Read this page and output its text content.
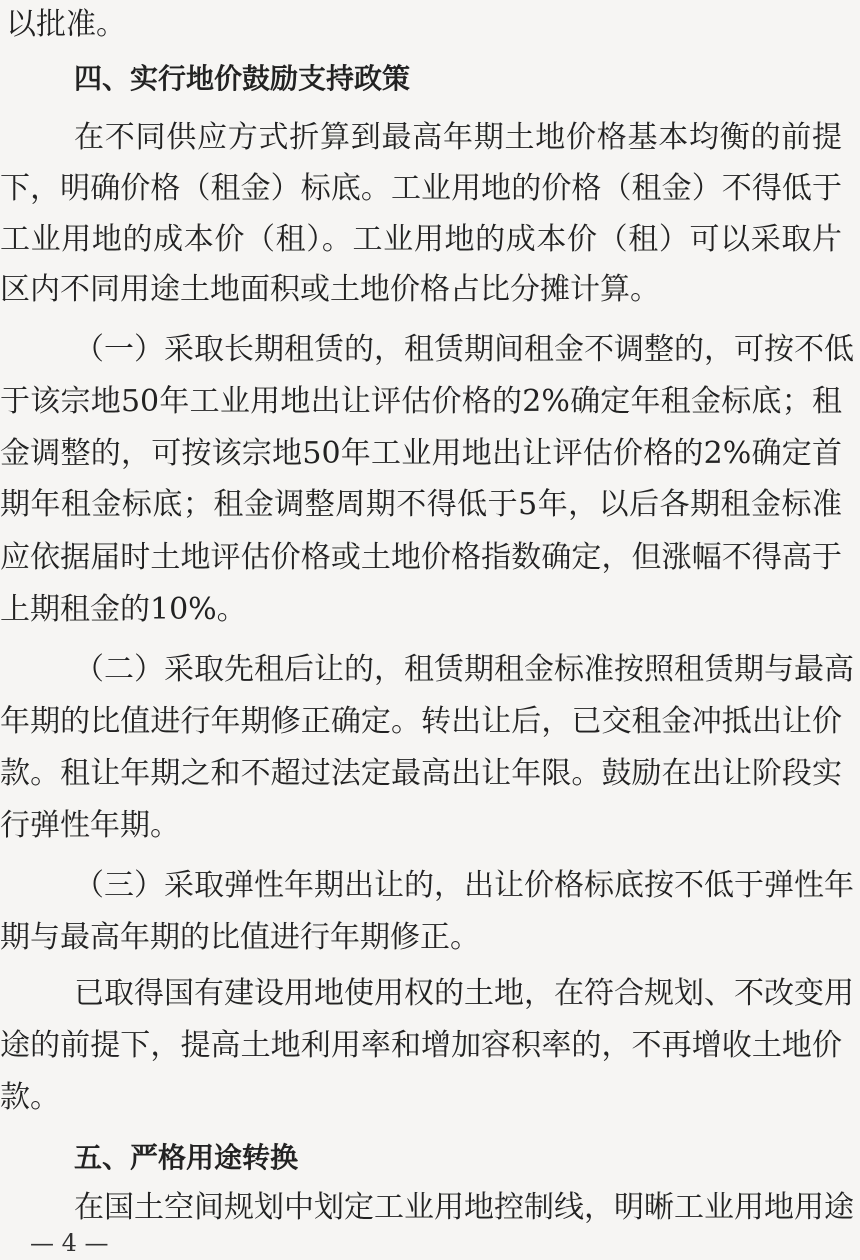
以批准。
四、实行地价鼓励支持政策
在不同供应方式折算到最高年期土地价格基本均衡的前提
下，明确价格（租金）标底。工业用地的价格（租金）不得低于
工业用地的成本价（租）。工业用地的成本价（租）可以采取片
区内不同用途土地面积或土地价格占比分摊计算。
（一）采取长期租赁的，租赁期间租金不调整的，可按不低
于该宗地50年工业用地出让评估价格的2%确定年租金标底；租
金调整的，可按该宗地50年工业用地出让评估价格的2%确定首
期年租金标底；租金调整周期不得低于5年，以后各期租金标准
应依据届时土地评估价格或土地价格指数确定，但涨幅不得高于
上期租金的10%。
（二）采取先租后让的，租赁期租金标准按照租赁期与最高
年期的比值进行年期修正确定。转出让后，已交租金冲抵出让价
款。租让年期之和不超过法定最高出让年限。鼓励在出让阶段实
行弹性年期。
（三）采取弹性年期出让的，出让价格标底按不低于弹性年
期与最高年期的比值进行年期修正。
已取得国有建设用地使用权的土地，在符合规划、不改变用
途的前提下，提高土地利用率和增加容积率的，不再增收土地价
款。
五、严格用途转换
在国土空间规划中划定工业用地控制线，明晰工业用地用途
— 4 —
